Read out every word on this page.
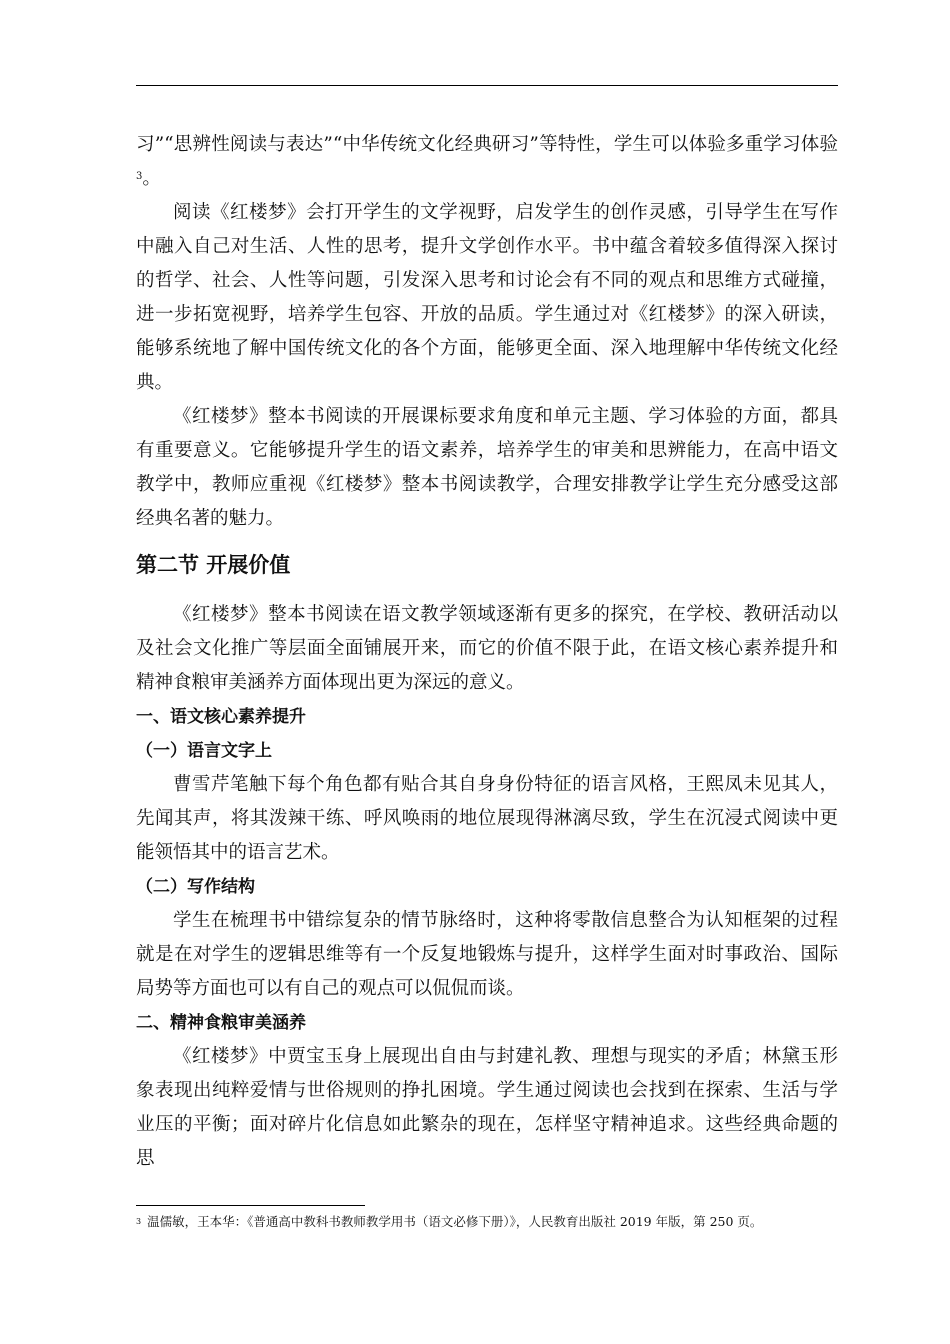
习”“思辨性阅读与表达”“中华传统文化经典研习”等特性，学生可以体验多重学习体验$^3$。

阅读《红楼梦》会打开学生的文学视野，启发学生的创作灵感，引导学生在写作中融入自己对生活、人性的思考，提升文学创作水平。书中蕴含着较多值得深入探讨的哲学、社会、人性等问题，引发深入思考和讨论会有不同的观点和思维方式碰撞，进一步拓宽视野，培养学生包容、开放的品质。学生通过对《红楼梦》的深入研读，能够系统地了解中国传统文化的各个方面，能够更全面、深入地理解中华传统文化经典。

《红楼梦》整本书阅读的开展课标要求角度和单元主题、学习体验的方面，都具有重要意义。它能够提升学生的语文素养，培养学生的审美和思辨能力，在高中语文教学中，教师应重视《红楼梦》整本书阅读教学，合理安排教学让学生充分感受这部经典名著的魅力。

第二节 开展价值

《红楼梦》整本书阅读在语文教学领域逐渐有更多的探究，在学校、教研活动以及社会文化推广等层面全面铺展开来，而它的价值不限于此，在语文核心素养提升和精神食粮审美涵养方面体现出更为深远的意义。

一、语文核心素养提升
（一）语言文字上

曹雪芹笔触下每个角色都有贴合其自身身份特征的语言风格，王熙凤未见其人，先闻其声，将其泼辣干练、呼风唤雨的地位展现得淋漓尽致，学生在沉浸式阅读中更能领悟其中的语言艺术。

（二）写作结构

学生在梳理书中错综复杂的情节脉络时，这种将零散信息整合为认知框架的过程就是在对学生的逻辑思维等有一个反复地锻炼与提升，这样学生面对时事政治、国际局势等方面也可以有自己的观点可以侃侃而谈。

二、精神食粮审美涵养

《红楼梦》中贾宝玉身上展现出自由与封建礼教、理想与现实的矛盾；林黛玉形象表现出纯粹爱情与世俗规则的挣扎困境。学生通过阅读也会找到在探索、生活与学业压的平衡；面对碎片化信息如此繁杂的现在，怎样坚守精神追求。这些经典命题的思

$^3$ 温儒敏，王本华：《普通高中教科书教师教学用书（语文必修下册）》，人民教育出版社 2019 年版，第 250 页。
